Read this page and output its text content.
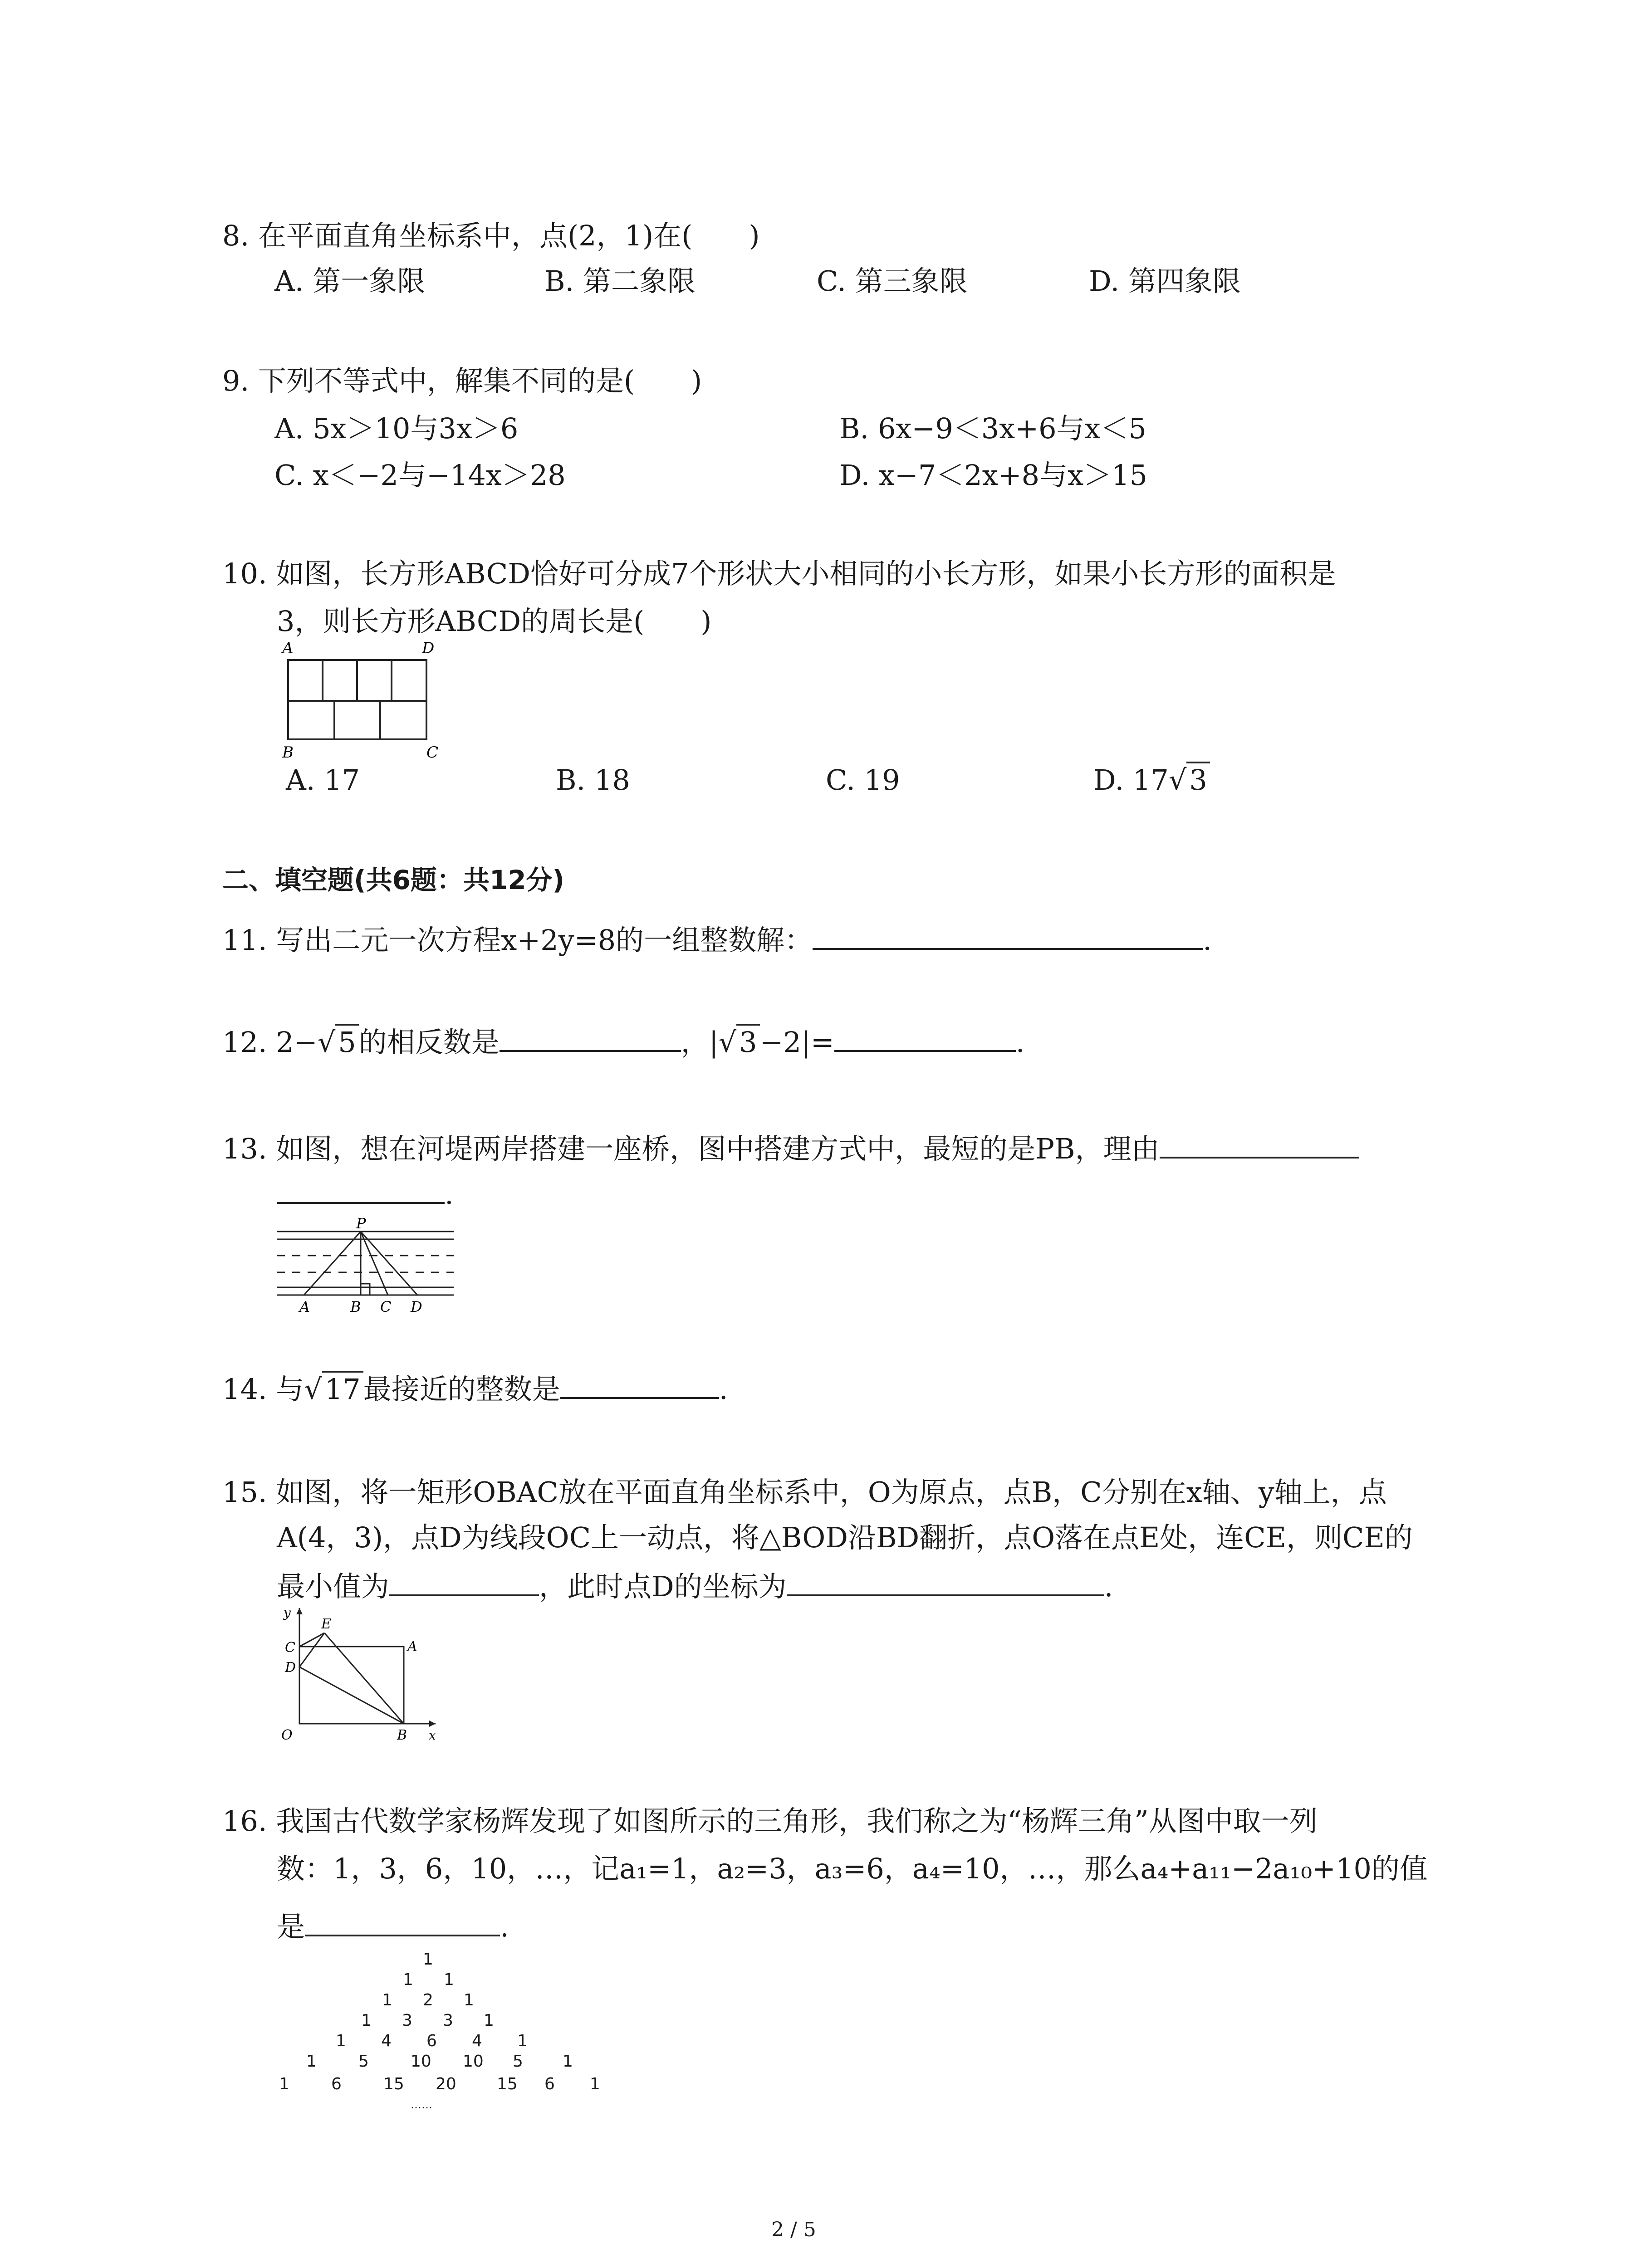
8. 在平面直角坐标系中，点(2，1)在(　　)
A. 第一象限	B. 第二象限	C. 第三象限	D. 第四象限
9. 下列不等式中，解集不同的是(　　)
A. 5x＞10与3x＞6	B. 6x−9＜3x+6与x＜5
C. x＜−2与−14x＞28	D. x−7＜2x+8与x＞15
10. 如图，长方形ABCD恰好可分成7个形状大小相同的小长方形，如果小长方形的面积是
3，则长方形ABCD的周长是(　　)
A	D
B	C
A. 17	B. 18	C. 19	D. 17√3
二、填空题(共6题：共12分)
11. 写出二元一次方程x+2y=8的一组整数解：	.
12. 2−√5的相反数是	，|√3−2|=	.
13. 如图，想在河堤两岸搭建一座桥，图中搭建方式中，最短的是PB，理由
.
P
A	B C D
14. 与√17最接近的整数是	.
15. 如图，将一矩形OBAC放在平面直角坐标系中，O为原点，点B，C分别在x轴、y轴上，点
A(4，3)，点D为线段OC上一动点，将△BOD沿BD翻折，点O落在点E处，连CE，则CE的
最小值为	，此时点D的坐标为	.
y
x
E
C	A
D
O	B
16. 我国古代数学家杨辉发现了如图所示的三角形，我们称之为“杨辉三角”从图中取一列
数：1，3，6，10，…，记a₁=1，a₂=3，a₃=6，a₄=10，…，那么a₄+a₁₁−2a₁₀+10的值
是	.
1
1 1
1 2 1
1 3 3 1
1 4 6 4 1
1	5	10 10 5 1
1	6	15 20 15 6 1
……
2 / 5
